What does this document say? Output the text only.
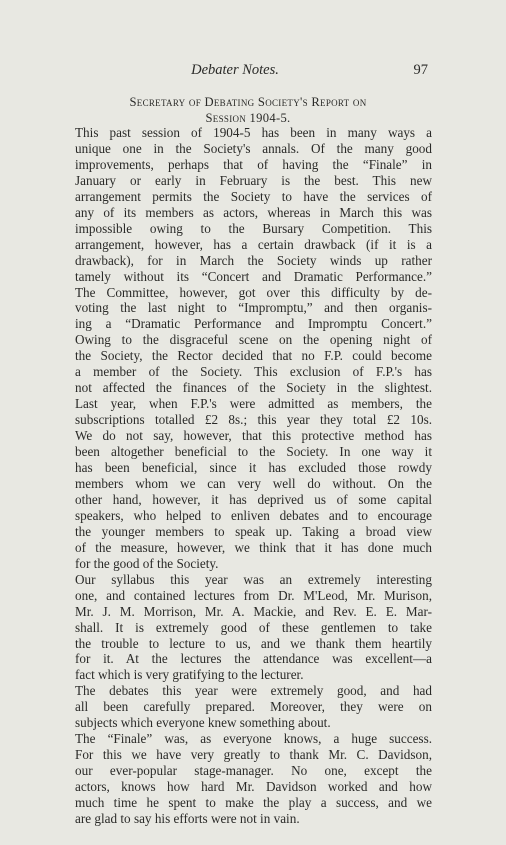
Debater Notes.	97
Secretary of Debating Society's Report on
Session 1904-5.

This past session of 1904-5 has been in many ways a
unique one in the Society's annals. Of the many good
improvements, perhaps that of having the “Finale” in
January or early in February is the best. This new
arrangement permits the Society to have the services of
any of its members as actors, whereas in March this was
impossible owing to the Bursary Competition. This
arrangement, however, has a certain drawback (if it is a
drawback), for in March the Society winds up rather
tamely without its “Concert and Dramatic Performance.”
The Committee, however, got over this difficulty by de-
voting the last night to “Impromptu,” and then organis-
ing a “Dramatic Performance and Impromptu Concert.”
Owing to the disgraceful scene on the opening night of
the Society, the Rector decided that no F.P. could become
a member of the Society. This exclusion of F.P.'s has
not affected the finances of the Society in the slightest.
Last year, when F.P.'s were admitted as members, the
subscriptions totalled £2 8s.; this year they total £2 10s.
We do not say, however, that this protective method has
been altogether beneficial to the Society. In one way it
has been beneficial, since it has excluded those rowdy
members whom we can very well do without. On the
other hand, however, it has deprived us of some capital
speakers, who helped to enliven debates and to encourage
the younger members to speak up. Taking a broad view
of the measure, however, we think that it has done much
for the good of the Society.

Our syllabus this year was an extremely interesting
one, and contained lectures from Dr. M'Leod, Mr. Murison,
Mr. J. M. Morrison, Mr. A. Mackie, and Rev. E. E. Mar-
shall. It is extremely good of these gentlemen to take
the trouble to lecture to us, and we thank them heartily
for it. At the lectures the attendance was excellent—a
fact which is very gratifying to the lecturer.

The debates this year were extremely good, and had
all been carefully prepared. Moreover, they were on
subjects which everyone knew something about.

The “Finale” was, as everyone knows, a huge success.
For this we have very greatly to thank Mr. C. Davidson,
our ever-popular stage-manager. No one, except the
actors, knows how hard Mr. Davidson worked and how
much time he spent to make the play a success, and we
are glad to say his efforts were not in vain.
